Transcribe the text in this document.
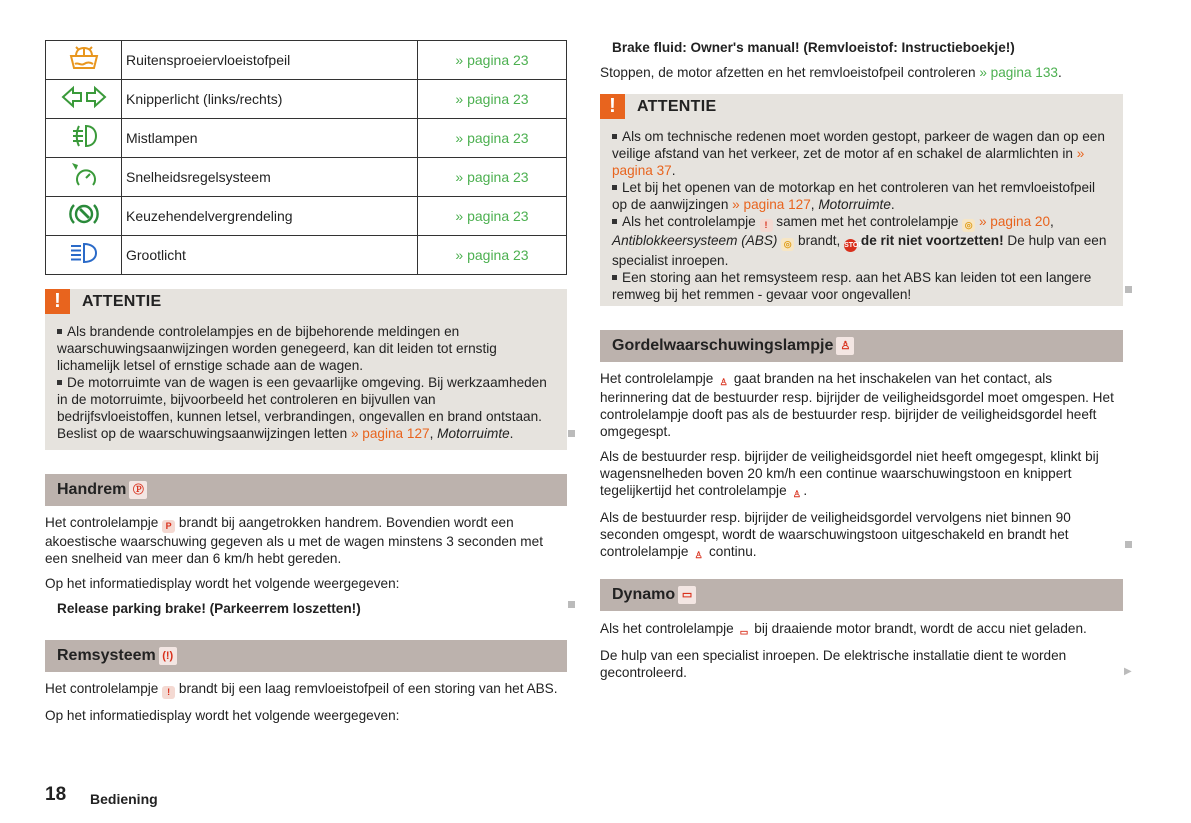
	Ruitensproeiervloeistofpeil	» pagina 23
	Knipperlicht (links/rechts)	» pagina 23
	Mistlampen	» pagina 23
	Snelheidsregelsysteem	» pagina 23
	Keuzehendelvergrendeling	» pagina 23
	Grootlicht	» pagina 23
!	ATTENTIE
Als brandende controlelampjes en de bijbehorende meldingen en waarschuwingsaanwijzingen worden genegeerd, kan dit leiden tot ernstig lichamelijk letsel of ernstige schade aan de wagen.
De motorruimte van de wagen is een gevaarlijke omgeving. Bij werkzaamheden in de motorruimte, bijvoorbeeld het controleren en bijvullen van bedrijfsvloeistoffen, kunnen letsel, verbrandingen, ongevallen en brand ontstaan. Beslist op de waarschuwingsaanwijzingen letten » pagina 127, Motorruimte.
Handrem Ⓟ

Het controlelampje P brandt bij aangetrokken handrem. Bovendien wordt een akoestische waarschuwing gegeven als u met de wagen minstens 3 seconden met een snelheid van meer dan 6 km/h hebt gereden.

Op het informatiedisplay wordt het volgende weergegeven:

Release parking brake! (Parkeerrem loszetten!)

Remsysteem (!)

Het controlelampje ! brandt bij een laag remvloeistofpeil of een storing van het ABS.

Op het informatiedisplay wordt het volgende weergegeven:

Brake fluid: Owner's manual! (Remvloeistof: Instructieboekje!)

Stoppen, de motor afzetten en het remvloeistofpeil controleren » pagina 133.

!	ATTENTIE
Als om technische redenen moet worden gestopt, parkeer de wagen dan op een veilige afstand van het verkeer, zet de motor af en schakel de alarmlichten in » pagina 37.
Let bij het openen van de motorkap en het controleren van het remvloeistofpeil op de aanwijzingen » pagina 127, Motorruimte.
Als het controlelampje ! samen met het controlelampje ◎ » pagina 20, Antiblokkeersysteem (ABS) ◎ brandt, STOP de rit niet voortzetten! De hulp van een specialist inroepen.
Een storing aan het remsysteem resp. aan het ABS kan leiden tot een langere remweg bij het remmen - gevaar voor ongevallen!
Gordelwaarschuwingslampje ♙

Het controlelampje ♙ gaat branden na het inschakelen van het contact, als herinnering dat de bestuurder resp. bijrijder de veiligheidsgordel moet omgespen. Het controlelampje dooft pas als de bestuurder resp. bijrijder de veiligheidsgordel heeft omgegespt.

Als de bestuurder resp. bijrijder de veiligheidsgordel niet heeft omgegespt, klinkt bij wagensnelheden boven 20 km/h een continue waarschuwingstoon en knippert tegelijkertijd het controlelampje ♙ .

Als de bestuurder resp. bijrijder de veiligheidsgordel vervolgens niet binnen 90 seconden omgespt, wordt de waarschuwingstoon uitgeschakeld en brandt het controlelampje ♙ continu.

Dynamo ▭

Als het controlelampje ▭ bij draaiende motor brandt, wordt de accu niet geladen.

De hulp van een specialist inroepen. De elektrische installatie dient te worden gecontroleerd.	▶
18 Bediening
